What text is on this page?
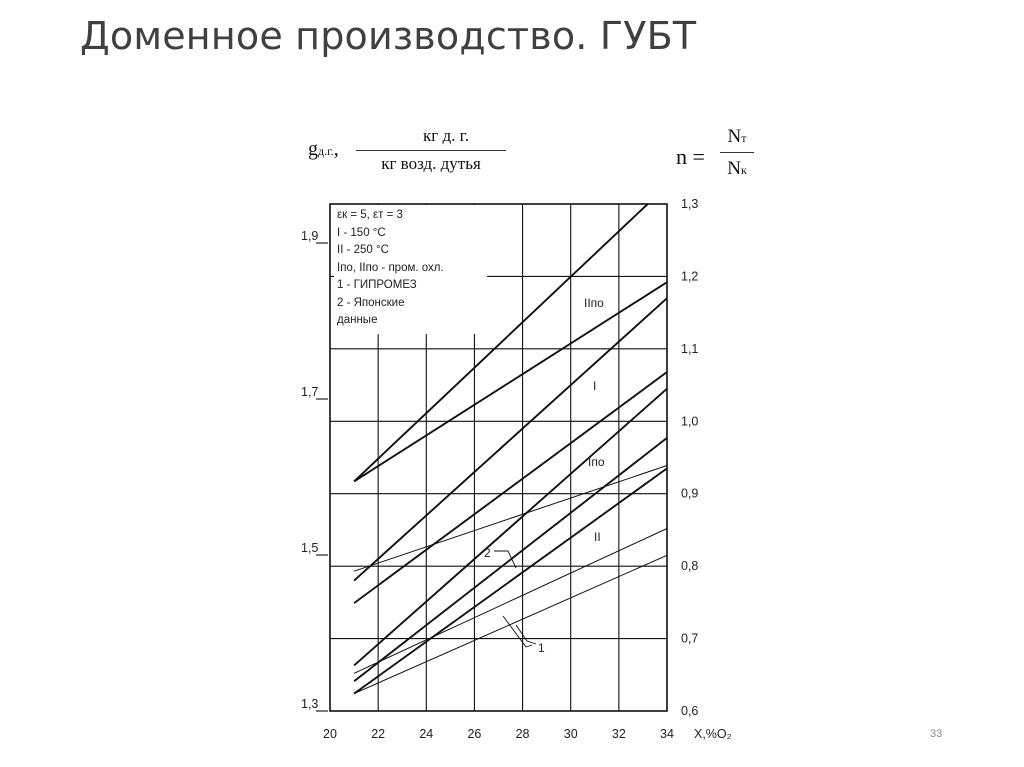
Доменное производство. ГУБТ
gд.г.,
кг д. г.
кг возд. дутья	n =
Nт
Nк
20	22	24	26	28	30	32	34 X,%O₂
0,6
0,7
0,8
0,9
1,0
1,1
1,2
1,3
1,3
1,5
1,7
1,9
IIпо
I
Iпо
II
1
2
εк = 5, εт = 3
I - 150 °C
II - 250 °C
Iпо, IIпо - пром. охл.
1 - ГИПРОМЕЗ
2 - Японские
данные
33
